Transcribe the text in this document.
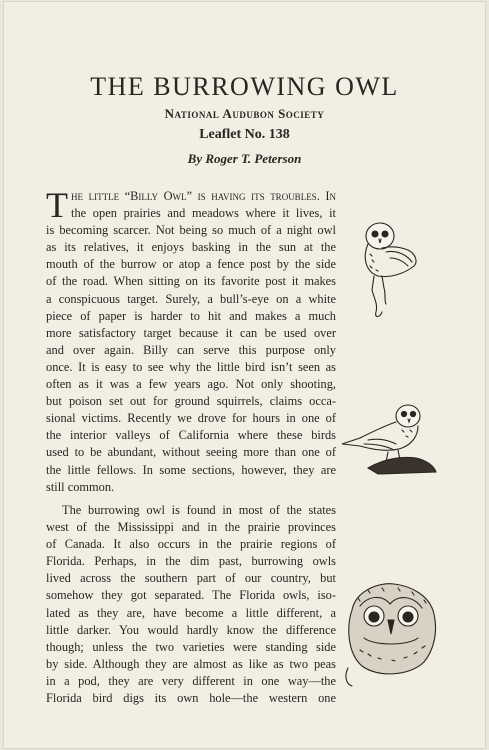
THE BURROWING OWL
National Audubon Society
Leaflet No. 138
By Roger T. Peterson
T he little “Billy Owl” is having its troubles. In
the open prairies and meadows where it lives, it
is becoming scarcer. Not being so much of a night owl
as its relatives, it enjoys basking in the sun at the
mouth of the burrow or atop a fence post by the side
of the road. When sitting on its favorite post it makes
a conspicuous target. Surely, a bull’s-eye on a white
piece of paper is harder to hit and makes a much
more satisfactory target because it can be used over
and over again. Billy can serve this purpose only
once. It is easy to see why the little bird isn’t seen as
often as it was a few years ago. Not only shooting,
but poison set out for ground squirrels, claims occa-
sional victims. Recently we drove for hours in one of
the interior valleys of California where these birds
used to be abundant, without seeing more than one of
the little fellows. In some sections, however, they are
still common.
The burrowing owl is found in most of the states
west of the Mississippi and in the prairie provinces
of Canada. It also occurs in the prairie regions of
Florida. Perhaps, in the dim past, burrowing owls
lived across the southern part of our country, but
somehow they got separated. The Florida owls, iso-
lated as they are, have become a little different, a
little darker. You would hardly know the difference
though; unless the two varieties were standing side
by side. Although they are almost as like as two peas
in a pod, they are very different in one way—the
Florida bird digs its own hole—the western one
